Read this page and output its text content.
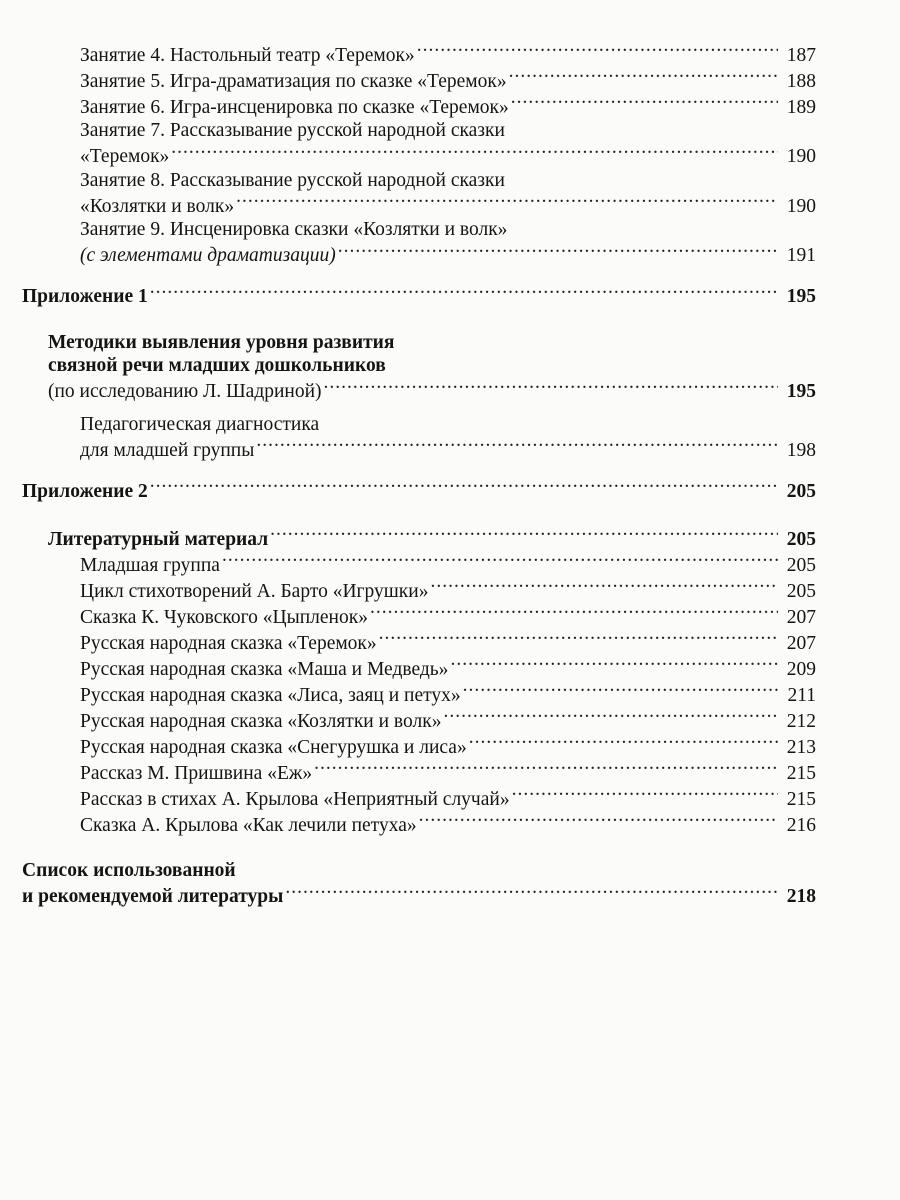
Занятие 4. Настольный театр «Теремок» .....	187
Занятие 5. Игра-драматизация по сказке «Теремок» .....	188
Занятие 6. Игра-инсценировка по сказке «Теремок» .....	189
Занятие 7. Рассказывание русской народной сказки
«Теремок» .....	190
Занятие 8. Рассказывание русской народной сказки
«Козлятки и волк» .....	190
Занятие 9. Инсценировка сказки «Козлятки и волк»
(с элементами драматизации) .....	191
Приложение 1 .....	195
Методики выявления уровня развития
связной речи младших дошкольников
(по исследованию Л. Шадриной) .....	195
Педагогическая диагностика
для младшей группы .....	198
Приложение 2 .....	205
Литературный материал .....	205
Младшая группа .....	205
Цикл стихотворений А. Барто «Игрушки» .....	205
Сказка К. Чуковского «Цыпленок» .....	207
Русская народная сказка «Теремок» .....	207
Русская народная сказка «Маша и Медведь» .....	209
Русская народная сказка «Лиса, заяц и петух» .....	211
Русская народная сказка «Козлятки и волк» .....	212
Русская народная сказка «Снегурушка и лиса» .....	213
Рассказ М. Пришвина «Еж» .....	215
Рассказ в стихах А. Крылова «Неприятный случай» .....	215
Сказка А. Крылова «Как лечили петуха» .....	216
Список использованной
и рекомендуемой литературы .....	218
